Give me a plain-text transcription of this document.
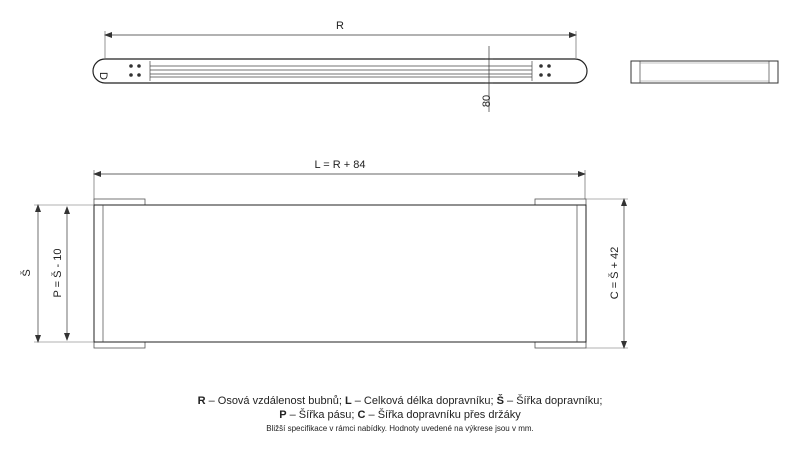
R
D
80
L = R + 84
Š P = Š - 10	C = Š + 42
R – Osová vzdálenost bubnů; L – Celková délka dopravníku; Š – Šířka dopravníku;
P – Šířka pásu; C – Šířka dopravníku přes držáky
Bližší specifikace v rámci nabídky. Hodnoty uvedené na výkrese jsou v mm.
